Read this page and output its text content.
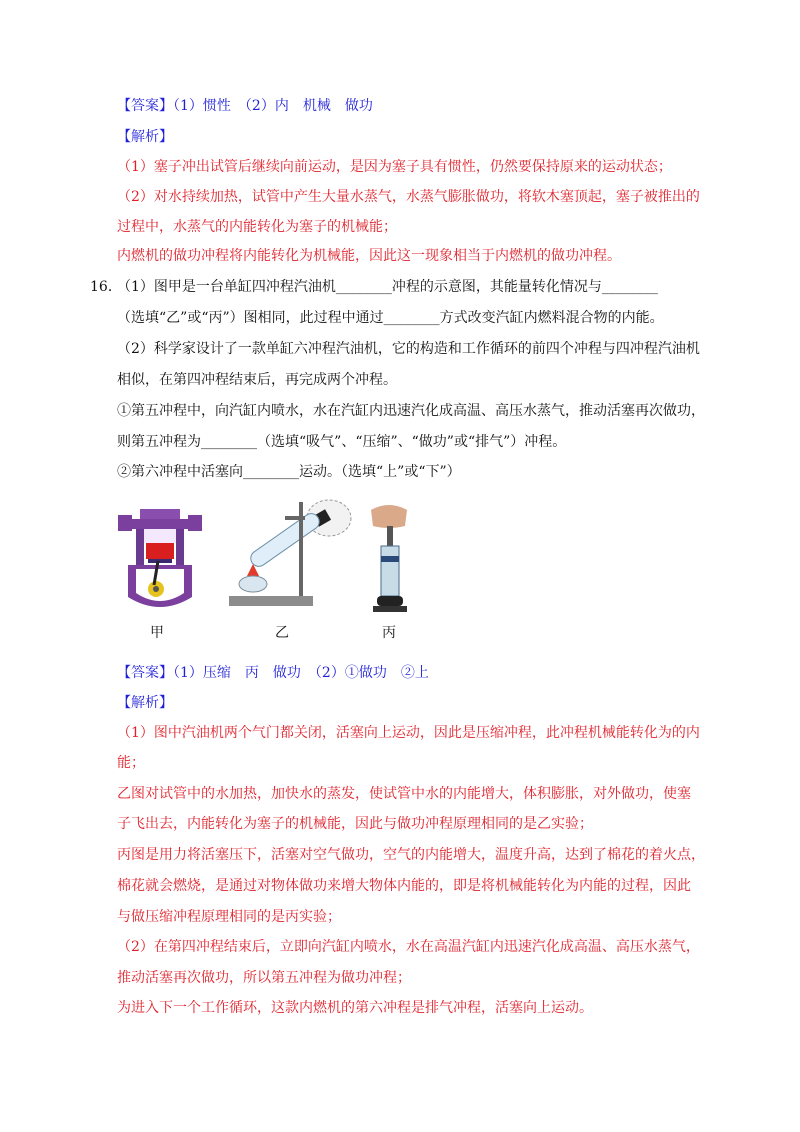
【答案】（1）惯性　（2）内　机械　做功
【解析】
（1）塞子冲出试管后继续向前运动，是因为塞子具有惯性，仍然要保持原来的运动状态；
（2）对水持续加热，试管中产生大量水蒸气，水蒸气膨胀做功，将软木塞顶起，塞子被推出的
过程中，水蒸气的内能转化为塞子的机械能；
内燃机的做功冲程将内能转化为机械能，因此这一现象相当于内燃机的做功冲程。
16．
（1）图甲是一台单缸四冲程汽油机________冲程的示意图，其能量转化情况与________
（选填“乙”或“丙”）图相同，此过程中通过________方式改变汽缸内燃料混合物的内能。
（2）科学家设计了一款单缸六冲程汽油机，它的构造和工作循环的前四个冲程与四冲程汽油机
相似，在第四冲程结束后，再完成两个冲程。
①第五冲程中，向汽缸内喷水，水在汽缸内迅速汽化成高温、高压水蒸气，推动活塞再次做功，
则第五冲程为________（选填“吸气”、“压缩”、“做功”或“排气”）冲程。
②第六冲程中活塞向________运动。（选填“上”或“下”）
甲	乙	丙
【答案】（1）压缩　丙　做功　（2）①做功　②上
【解析】
（1）图中汽油机两个气门都关闭，活塞向上运动，因此是压缩冲程，此冲程机械能转化为的内
能；
乙图对试管中的水加热，加快水的蒸发，使试管中水的内能增大，体积膨胀，对外做功，使塞
子飞出去，内能转化为塞子的机械能，因此与做功冲程原理相同的是乙实验；
丙图是用力将活塞压下，活塞对空气做功，空气的内能增大，温度升高，达到了棉花的着火点，
棉花就会燃烧，是通过对物体做功来增大物体内能的，即是将机械能转化为内能的过程，因此
与做压缩冲程原理相同的是丙实验；
（2）在第四冲程结束后，立即向汽缸内喷水，水在高温汽缸内迅速汽化成高温、高压水蒸气，
推动活塞再次做功，所以第五冲程为做功冲程；
为进入下一个工作循环，这款内燃机的第六冲程是排气冲程，活塞向上运动。
